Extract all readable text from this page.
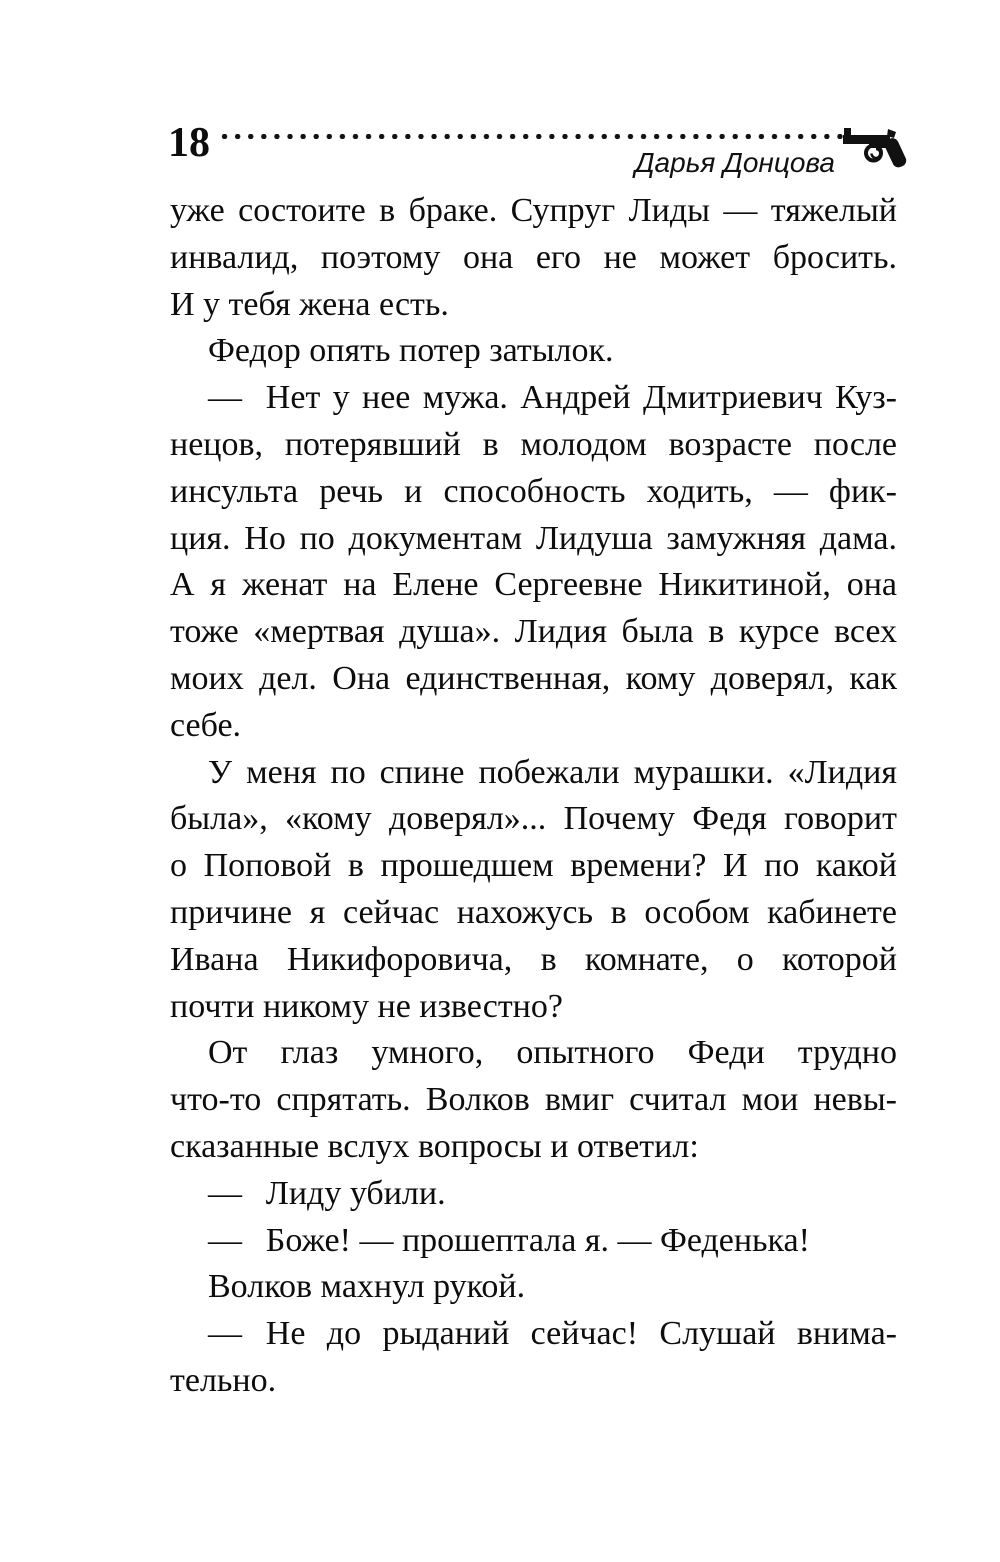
18	Дарья Донцова
уже состоите в браке. Супруг Лиды — тяжелый
инвалид, поэтому она его не может бросить.
И у тебя жена есть.
Федор опять потер затылок.
—  Нет у нее мужа. Андрей Дмитриевич Куз-
нецов, потерявший в молодом возрасте после
инсульта речь и способность ходить, — фик-
ция. Но по документам Лидуша замужняя дама.
А я женат на Елене Сергеевне Никитиной, она
тоже «мертвая душа». Лидия была в курсе всех
моих дел. Она единственная, кому доверял, как
себе.
У меня по спине побежали мурашки. «Лидия
была», «кому доверял»... Почему Федя говорит
о Поповой в прошедшем времени? И по какой
причине я сейчас нахожусь в особом кабинете
Ивана Никифоровича, в комнате, о которой
почти никому не известно?
От глаз умного, опытного Феди трудно
что-то спрятать. Волков вмиг считал мои невы-
сказанные вслух вопросы и ответил:
—  Лиду убили.
—  Боже! — прошептала я. — Феденька!
Волков махнул рукой.
—  Не до рыданий сейчас! Слушай внима-
тельно.
